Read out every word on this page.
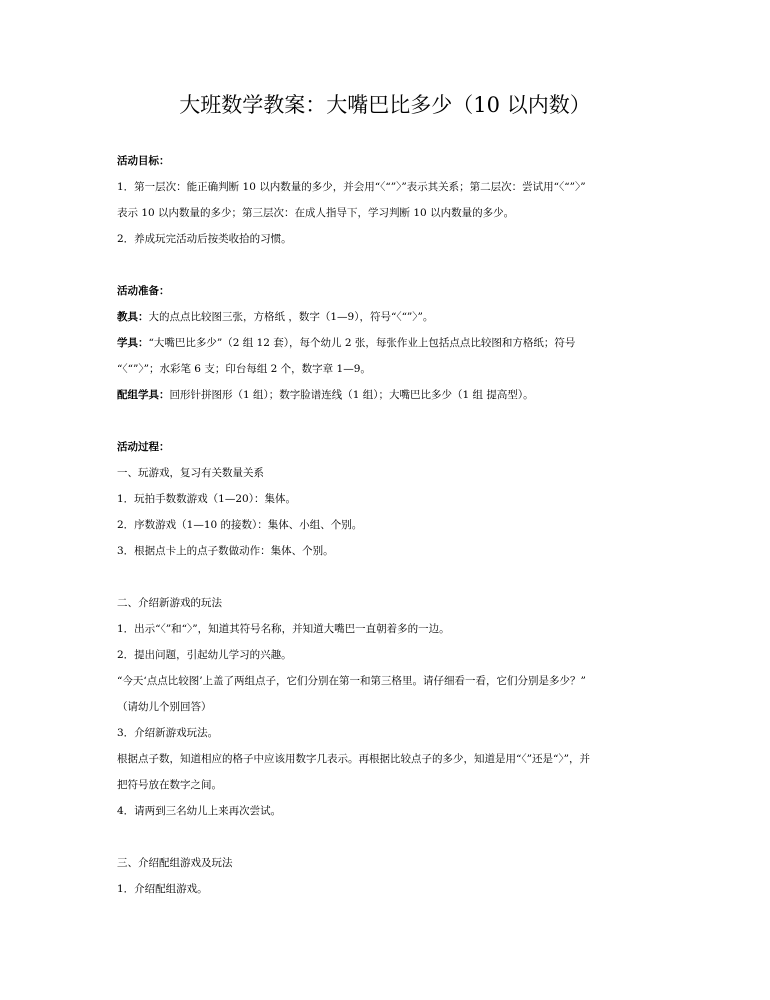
大班数学教案：大嘴巴比多少（10 以内数）
活动目标：
1．第一层次：能正确判断 10 以内数量的多少，并会用“〈“”〉”表示其关系；第二层次：尝试用“〈“”〉”
表示 10 以内数量的多少；第三层次：在成人指导下，学习判断 10 以内数量的多少。
2．养成玩完活动后按类收拾的习惯。
活动准备：
教具：大的点点比较图三张，方格纸 ，数字（1—9），符号“〈“”〉”。
学具：“大嘴巴比多少”（2 组 12 套），每个幼儿 2 张，每张作业上包括点点比较图和方格纸；符号
“〈“”〉”；水彩笔 6 支；印台每组 2 个，数字章 1—9。
配组学具：回形针拼图形（1 组）；数字脸谱连线（1 组）；大嘴巴比多少（1 组 提高型）。
活动过程：
一、玩游戏，复习有关数量关系
1．玩拍手数数游戏（1—20）：集体。
2．序数游戏（1—10 的接数）：集体、小组、个别。
3．根据点卡上的点子数做动作：集体、个别。
二、介绍新游戏的玩法
1．出示“〈”和“〉”，知道其符号名称，并知道大嘴巴一直朝着多的一边。
2．提出问题，引起幼儿学习的兴趣。
“今天‘点点比较图’上盖了两组点子，它们分别在第一和第三格里。请仔细看一看，它们分别是多少？”
（请幼儿个别回答）
3．介绍新游戏玩法。
根据点子数，知道相应的格子中应该用数字几表示。再根据比较点子的多少，知道是用“〈”还是“〉”，并
把符号放在数字之间。
4．请两到三名幼儿上来再次尝试。
三、介绍配组游戏及玩法
1．介绍配组游戏。
